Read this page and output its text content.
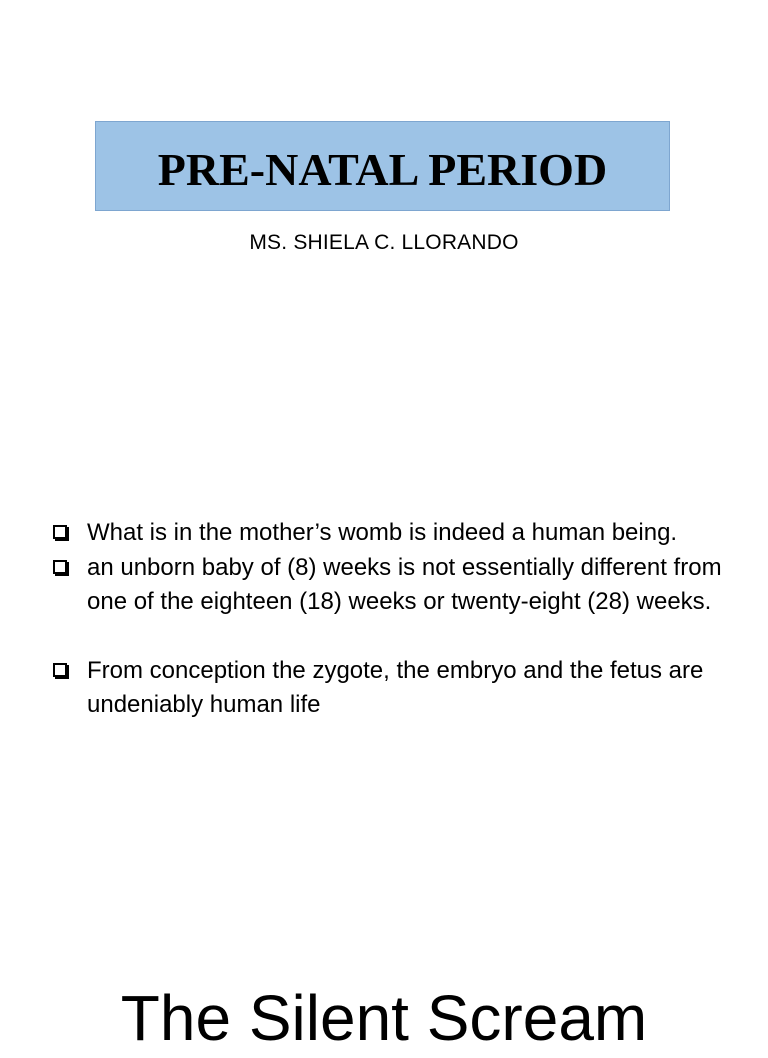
PRE-NATAL PERIOD
MS. SHIELA C. LLORANDO
What is in the mother’s womb is indeed a human being.
an unborn baby of (8) weeks is not essentially different from one of the eighteen (18) weeks or twenty-eight (28) weeks.
From conception the zygote, the embryo and the fetus are undeniably human life
The Silent Scream
